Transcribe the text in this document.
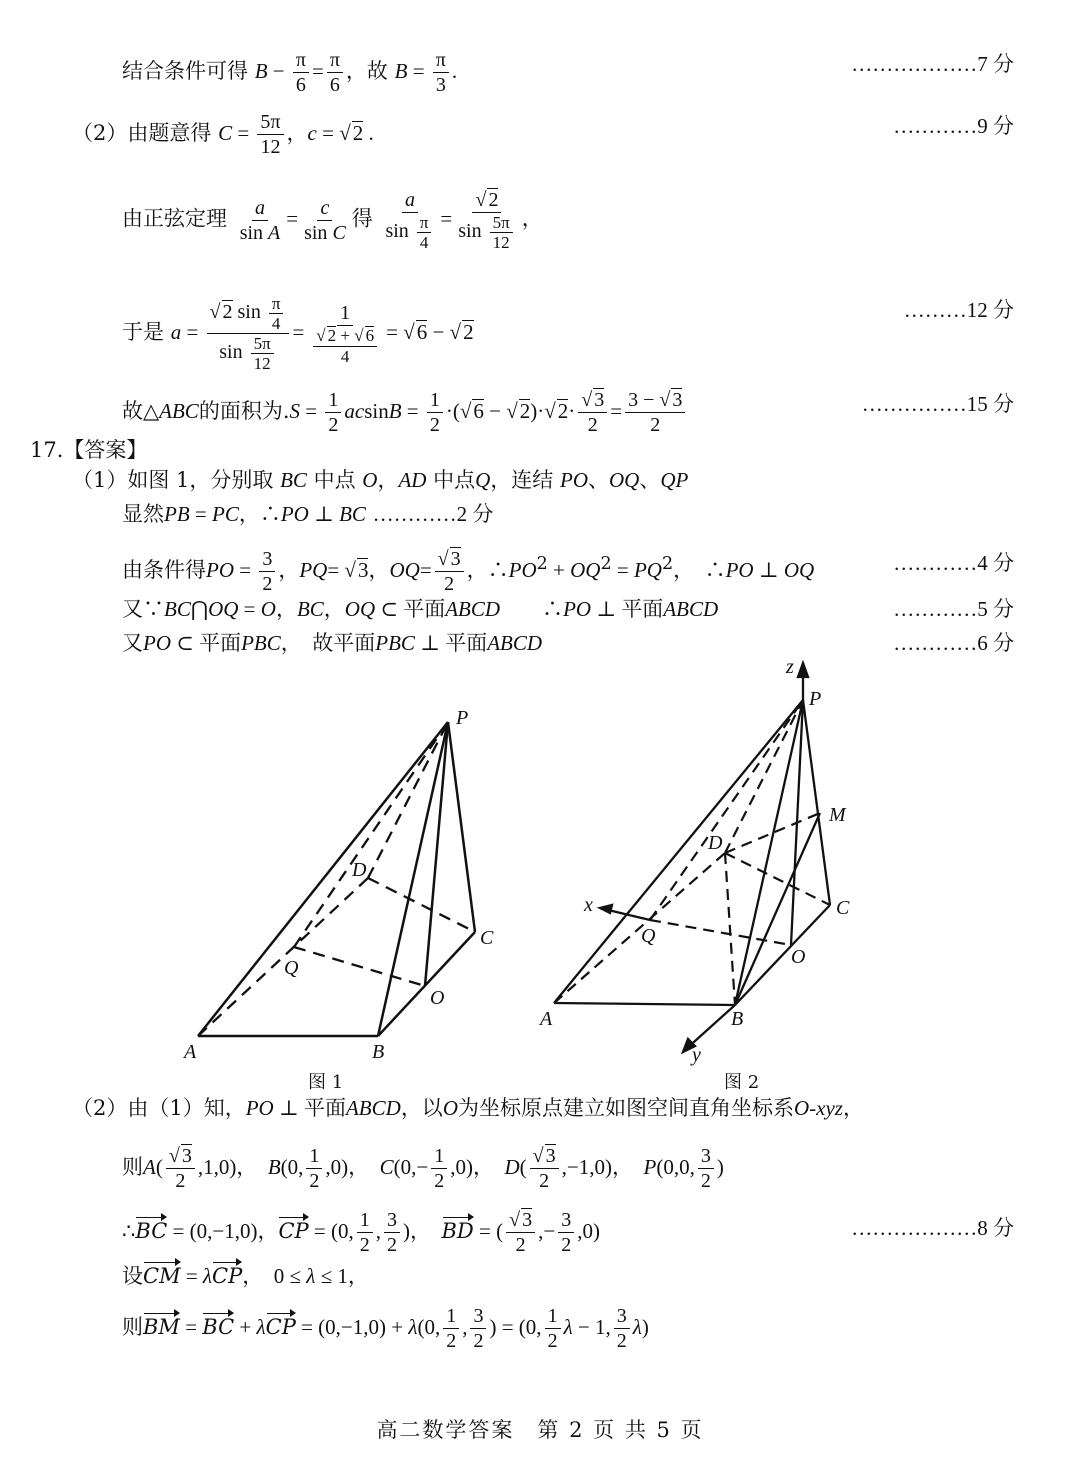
结合条件可得 $B - \frac{\pi}{6} = \frac{\pi}{6}$ ，故 $B = \frac{\pi}{3}$ .	………………7 分
（2）由题意得 $C = \frac{5\pi}{12}$ ，c = √2 .	…………9 分
由正弦定理 $\frac{a}{\text{sin A}} = \frac{c}{\text{sin C}}$ 得 $\frac{a}{\sin \frac{\pi}{4}} = \frac{√ 2}{\sin \frac{5\pi}{12}}$ ，
于是 $a = \frac{√ 2 \sin \frac{\pi}{4}}{\sin \frac{5\pi}{12}} = \frac{1}{\frac{√ 2 + √ 6}{4}} = √6 - √2$
………12 分
故△ABC的面积为$.S = \frac{1}{2}$ $acsinB = \frac{1}{2} \cdot(√6 - √2)\cdot√2\cdot \frac{√ 3}{2} = \frac{3 - √ 3}{2}$	……………15 分
17.【答案】
（1）如图 1，分别取 BC 中点 O，AD 中点Q，连结 PO、OQ、QP
显然PB = PC，∴PO ⊥ BC …………2 分
由条件得PO = $\frac{3}{2}$ ，PQ= √3，$OQ= \frac{√ 3}{2}$ ，$\therefore PO^2 + OQ^2 = PQ^2$，　∴PO ⊥ OQ	…………4 分
又∵BC⋂OQ = O，BC，OQ ⊂ 平面ABCD　　∴PO ⊥ 平面ABCD	…………5 分
又PO ⊂ 平面PBC，　故平面PBC ⊥ 平面ABCD	…………6 分
P
D
C
Q
O
A	B
图 1
z
P
M
D
C
x
Q
O
A	B
y
图 2
（2）由（1）知，PO ⊥ 平面ABCD，以O为坐标原点建立如图空间直角坐标系O-xyz，
则$A( \frac{√ 3}{2} ,1,0)$，　B(0, $\frac{1}{2} ,0$)，　$C(0,- \frac{1}{2} ,0)$，　$D( \frac{√ 3}{2} ,-1,0)$，　P(0,0, $\frac{3}{2}$ )
∴BC = (0,−1,0)，CP = (0, $\frac{1}{2}$ , $\frac{3}{2}$ )，　BD = ( $\frac{√ 3}{2}$ ,− $\frac{3}{2} ,0$)	………………8 分
设CM = λCP，　0 ≤ λ ≤ 1，
则BM = BC + λCP = (0,−1,0) + λ(0, $\frac{1}{2}$ , $\frac{3}{2}$ ) = (0, $\frac{1}{2}$ λ − 1, $\frac{3}{2} \lambda$)
高二数学答案　第 2 页 共 5 页
